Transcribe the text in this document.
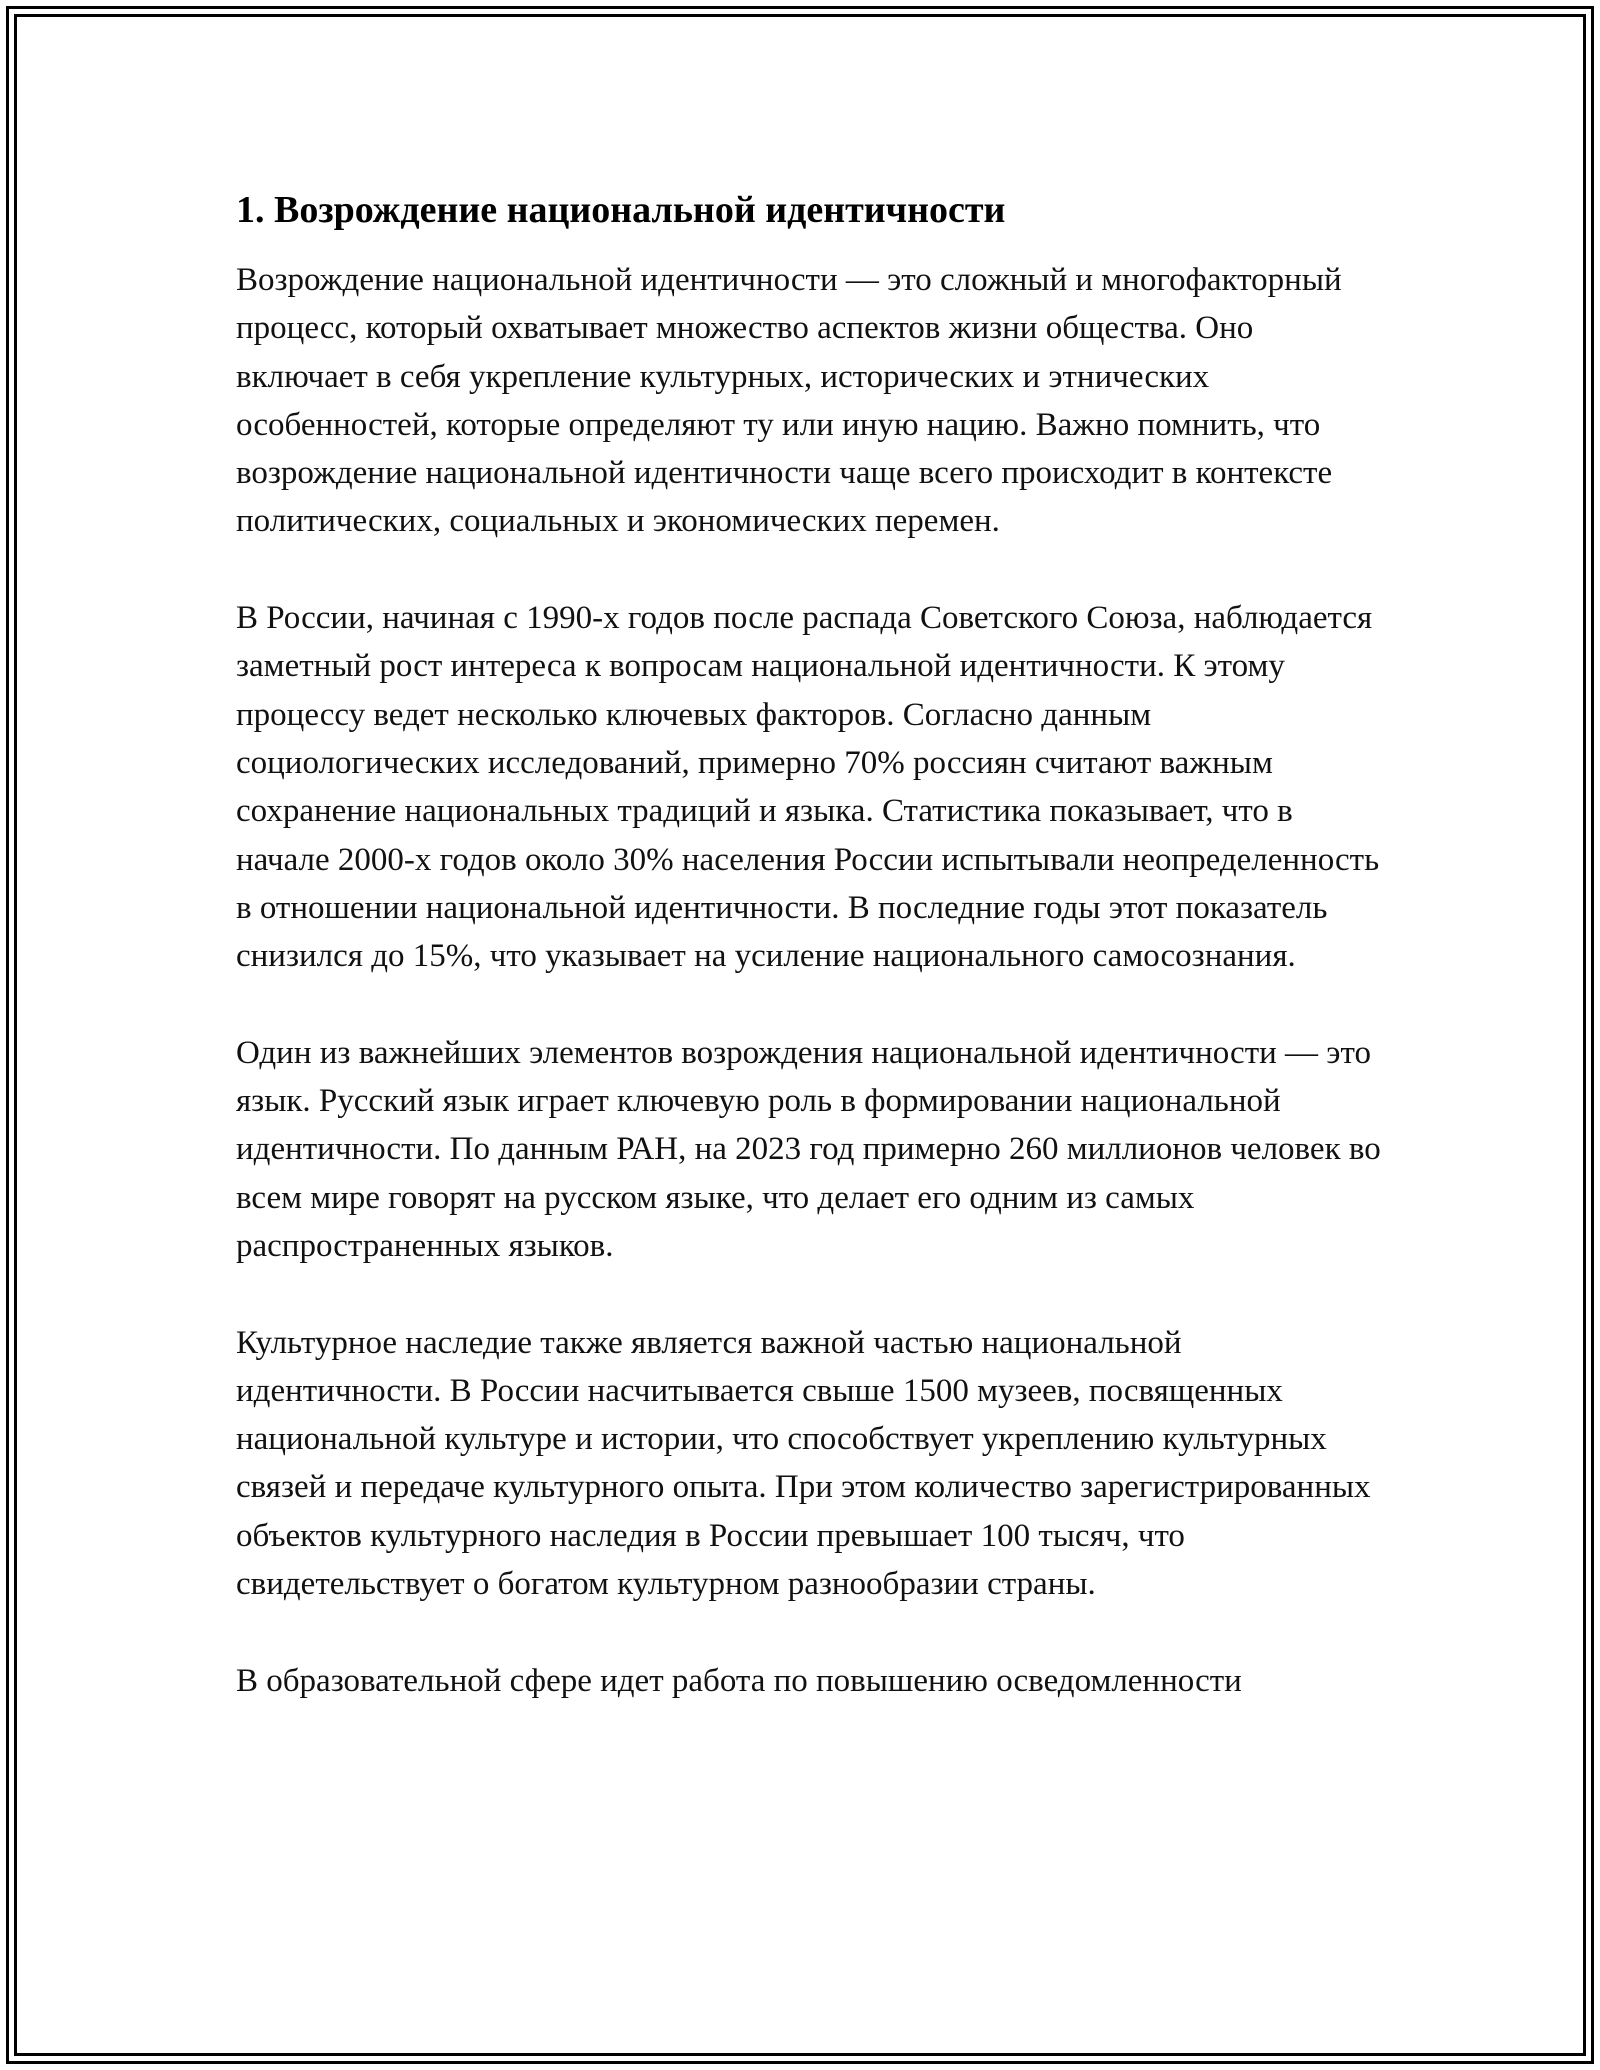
1. Возрождение национальной идентичности

Возрождение национальной идентичности — это сложный и многофакторный процесс, который охватывает множество аспектов жизни общества. Оно включает в себя укрепление культурных, исторических и этнических особенностей, которые определяют ту или иную нацию. Важно помнить, что возрождение национальной идентичности чаще всего происходит в контексте политических, социальных и экономических перемен.

В России, начиная с 1990-х годов после распада Советского Союза, наблюдается заметный рост интереса к вопросам национальной идентичности. К этому процессу ведет несколько ключевых факторов. Согласно данным социологических исследований, примерно 70% россиян считают важным сохранение национальных традиций и языка. Статистика показывает, что в начале 2000-х годов около 30% населения России испытывали неопределенность в отношении национальной идентичности. В последние годы этот показатель снизился до 15%, что указывает на усиление национального самосознания.

Один из важнейших элементов возрождения национальной идентичности — это язык. Русский язык играет ключевую роль в формировании национальной идентичности. По данным РАН, на 2023 год примерно 260 миллионов человек во всем мире говорят на русском языке, что делает его одним из самых распространенных языков.

Культурное наследие также является важной частью национальной идентичности. В России насчитывается свыше 1500 музеев, посвященных национальной культуре и истории, что способствует укреплению культурных связей и передаче культурного опыта. При этом количество зарегистрированных объектов культурного наследия в России превышает 100 тысяч, что свидетельствует о богатом культурном разнообразии страны.

В образовательной сфере идет работа по повышению осведомленности
